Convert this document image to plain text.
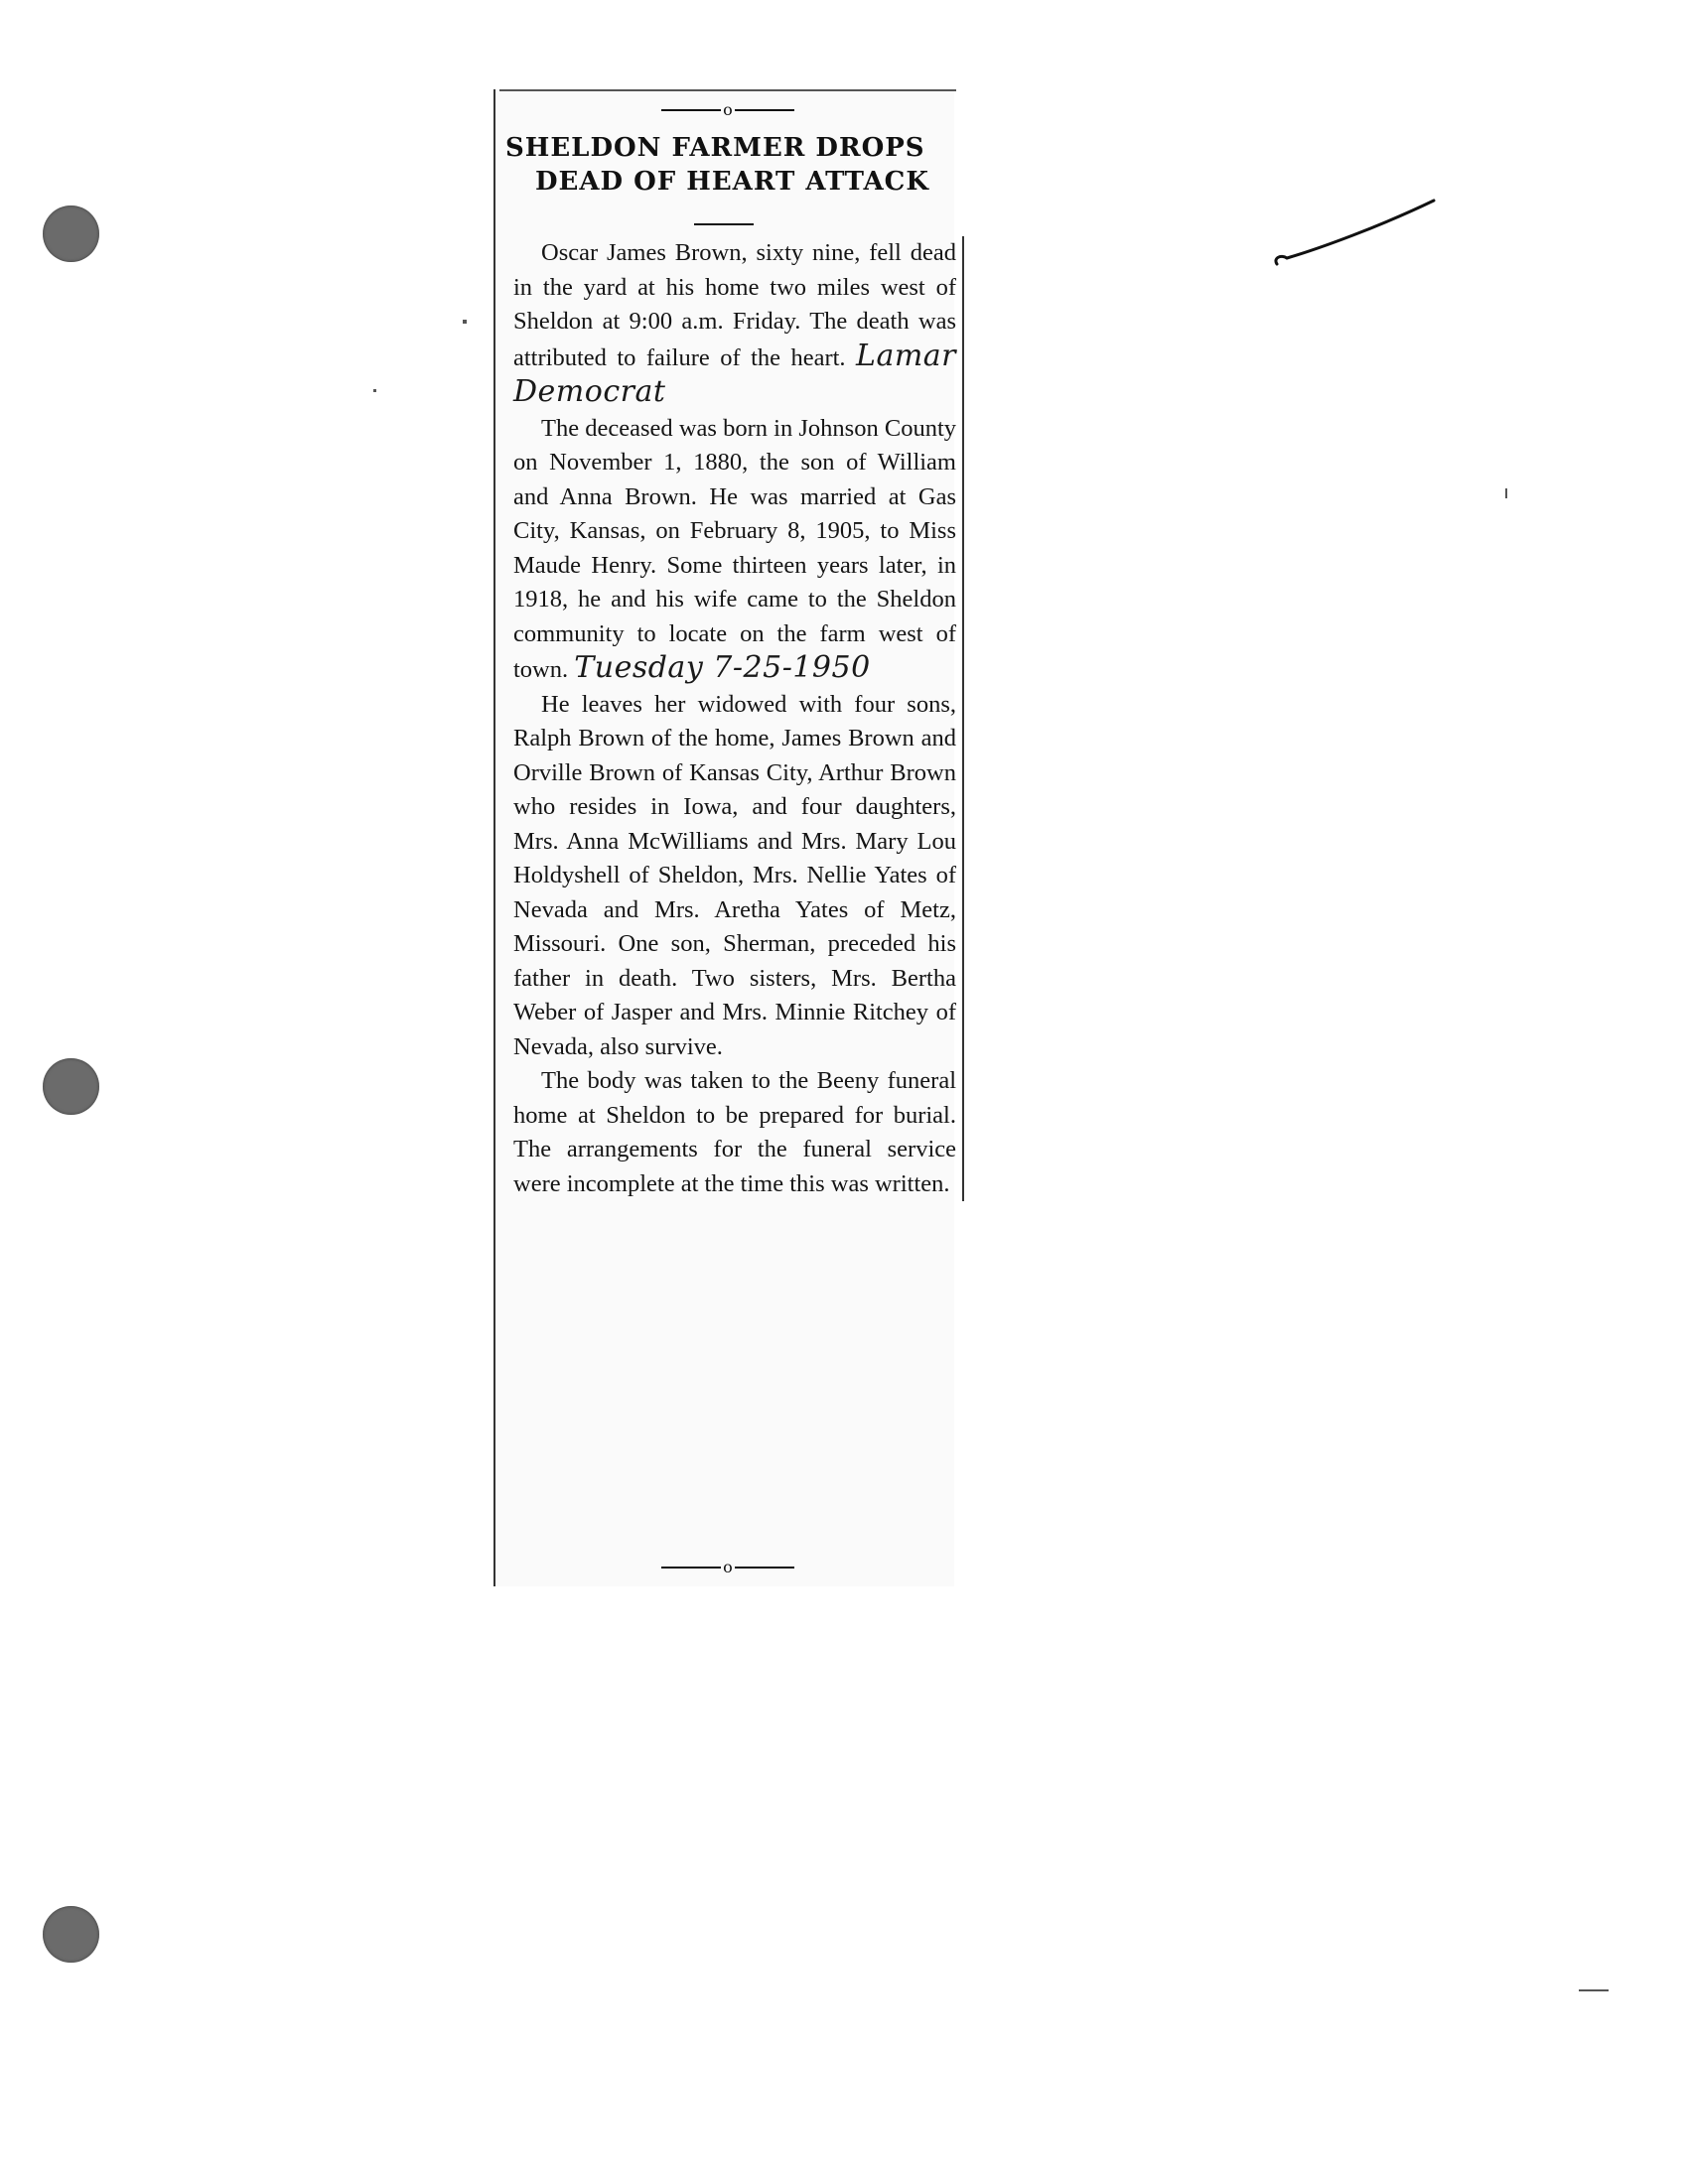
o
SHELDON FARMER DROPS
DEAD OF HEART ATTACK

Oscar James Brown, sixty nine, fell dead in the yard at his home two miles west of Sheldon at 9:00 a.m. Friday. The death was attributed to failure of the heart. Lamar Democrat

The deceased was born in Johnson County on November 1, 1880, the son of William and Anna Brown. He was married at Gas City, Kansas, on February 8, 1905, to Miss Maude Henry. Some thirteen years later, in 1918, he and his wife came to the Sheldon community to locate on the farm west of town. Tuesday 7-25-1950

He leaves her widowed with four sons, Ralph Brown of the home, James Brown and Orville Brown of Kansas City, Arthur Brown who resides in Iowa, and four daughters, Mrs. Anna McWilliams and Mrs. Mary Lou Holdyshell of Sheldon, Mrs. Nellie Yates of Nevada and Mrs. Aretha Yates of Metz, Missouri. One son, Sherman, preceded his father in death. Two sisters, Mrs. Bertha Weber of Jasper and Mrs. Minnie Ritchey of Nevada, also survive.

The body was taken to the Beeny funeral home at Sheldon to be prepared for burial. The arrangements for the funeral service were incomplete at the time this was written.

o
